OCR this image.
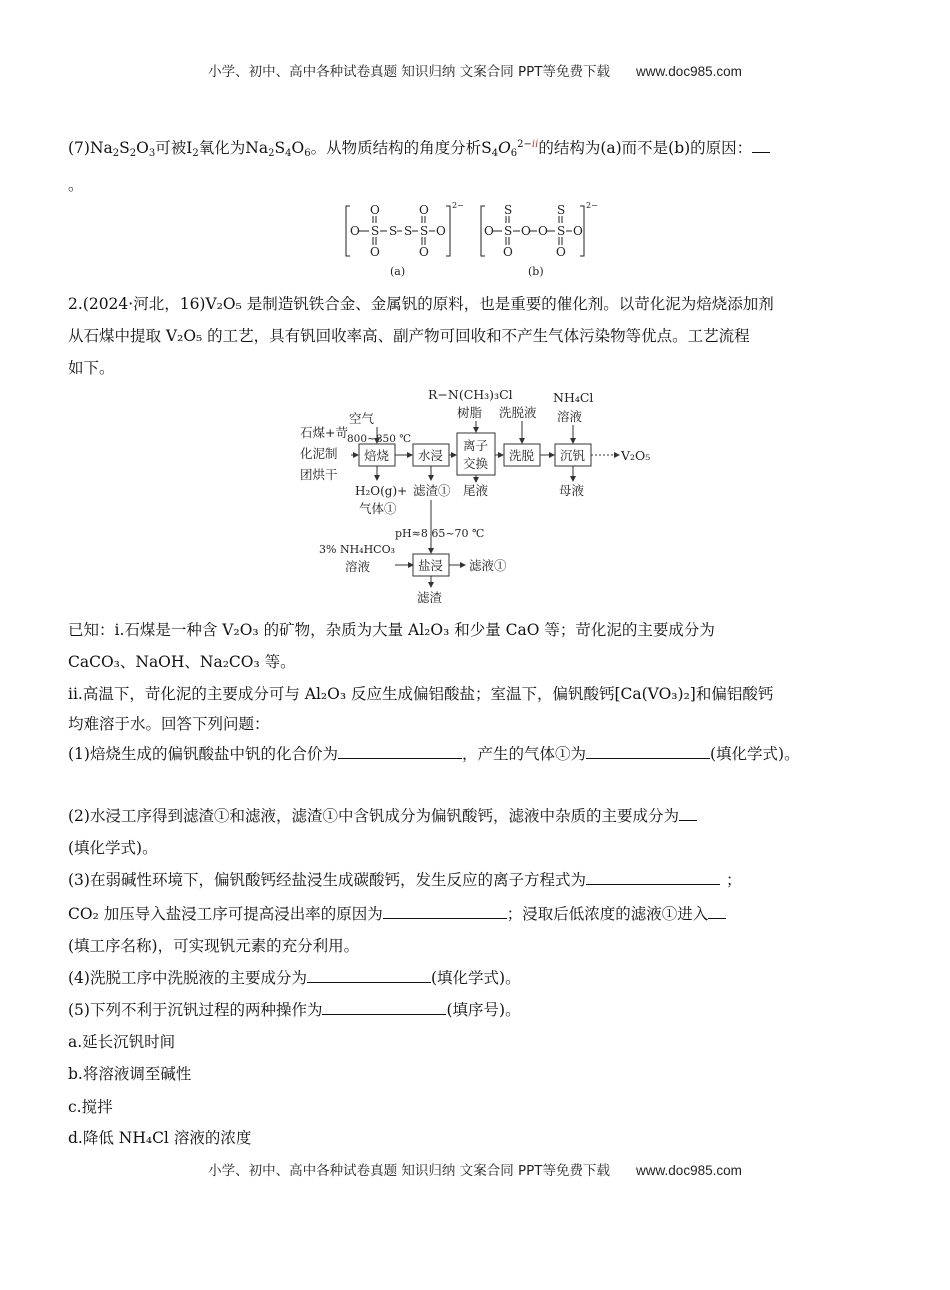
小学、初中、高中各种试卷真题 知识归纳 文案合同 PPT等免费下载 www.doc985.com
$(7)Na_2S_2O_3$可被$I_2$氧化为$Na_2S_4O_6$。从物质结构的角度分析$S_4O_6^{2-ii}$的结构为(a)而不是(b)的原因：
。
2−
O	O
O S S S S O
O	O
(a)
2−
S	S
O S O O S O
O	O
(b)
2.(2024·河北，16)V₂O₅ 是制造钒铁合金、金属钒的原料，也是重要的催化剂。以苛化泥为焙烧添加剂
从石煤中提取 V₂O₅ 的工艺，具有钒回收率高、副产物可回收和不产生气体污染物等优点。工艺流程
如下。
R−N(CH₃)₃Cl	NH₄Cl
空气	树脂 洗脱液 溶液
800~850 ℃
石煤+苛
化泥制
团烘干
焙烧 水浸
离子
交换
洗脱 沉钒	V₂O₅
H₂O(g)+
气体①
滤渣① 尾液	母液
pH≈8 65~70 ℃
3% NH₄HCO₃
溶液	盐浸 滤液①
滤渣
已知：ⅰ.石煤是一种含 V₂O₃ 的矿物，杂质为大量 Al₂O₃ 和少量 CaO 等；苛化泥的主要成分为
CaCO₃、NaOH、Na₂CO₃ 等。
ii.高温下，苛化泥的主要成分可与 Al₂O₃ 反应生成偏铝酸盐；室温下，偏钒酸钙[Ca(VO₃)₂]和偏铝酸钙
均难溶于水。回答下列问题：
(1)焙烧生成的偏钒酸盐中钒的化合价为	，产生的气体①为	(填化学式)。
(2)水浸工序得到滤渣①和滤液，滤渣①中含钒成分为偏钒酸钙，滤液中杂质的主要成分为
(填化学式)。
(3)在弱碱性环境下，偏钒酸钙经盐浸生成碳酸钙，发生反应的离子方程式为	；
CO₂ 加压导入盐浸工序可提高浸出率的原因为	；浸取后低浓度的滤液①进入
(填工序名称)，可实现钒元素的充分利用。
(4)洗脱工序中洗脱液的主要成分为	(填化学式)。
(5)下列不利于沉钒过程的两种操作为	(填序号)。
a.延长沉钒时间
b.将溶液调至碱性
c.搅拌
d.降低 NH₄Cl 溶液的浓度
小学、初中、高中各种试卷真题 知识归纳 文案合同 PPT等免费下载 www.doc985.com
